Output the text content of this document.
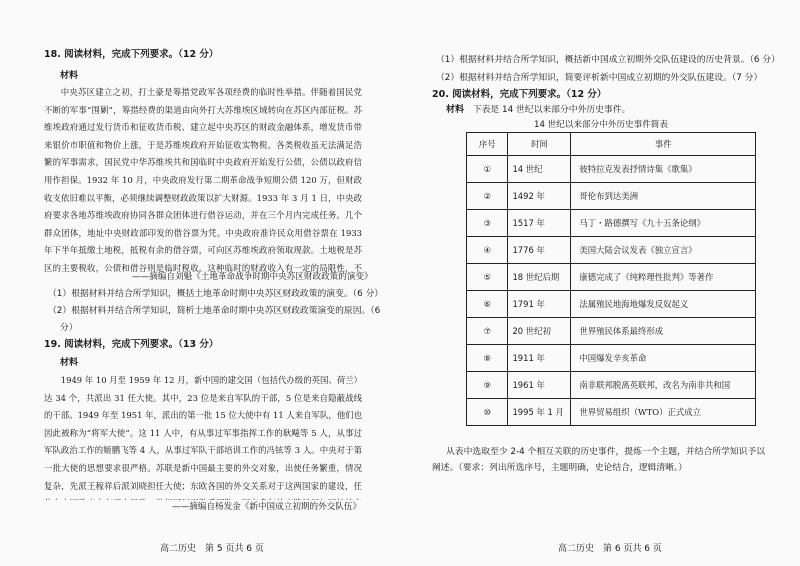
18. 阅读材料，完成下列要求。（12 分）
材料
中央苏区建立之初，打土豪是筹措党政军各项经费的临时性举措。伴随着国民党不断的军事“围剿”，筹措经费的渠道由向外打大苏维埃区域转向在苏区内部征税。苏维埃政府通过发行货币和征收货币税、建立起中央苏区的财政金融体系，增发货币带来银价市职值和物价上涨，于是苏维埃政府开始征收实物税。各类税收虽无法满足浩繁的军事需求，国民党中华苏维埃共和国临时中央政府开始发行公债，公债以政府信用作担保。1932 年 10 月，中央政府发行第二期革命战争短期公债 120 万，但财政收支依旧难以平衡，必须继续调整财政政策以扩大财源。1933 年 3 月 1 日，中央政府要求各地苏维埃政府协同各群众团体进行借谷运动，并在三个月内完成任务。几个群众团体，地址中央财政部印发的借谷票为凭。中央政府准许民众用借谷票在 1933 年下半年抵缴土地税，抵税有余的借谷票，可向区苏维埃政府领取现款。土地税是苏区的主要税收，公债和借谷则是临时税收。这种临时的财政收入有一定的局限性，不
——摘编自刘魁《土地革命战争时期中央苏区财政政策的演变》
（1）根据材料并结合所学知识，概括土地革命时期中央苏区财政政策的演变。（6 分）
（2）根据材料并结合所学知识，简析土地革命时期中央苏区财政政策演变的原因。（6
分）
19. 阅读材料，完成下列要求。（13 分）
材料
1949 年 10 月至 1959 年 12 月，新中国的建交国（包括代办级的英国、荷兰）达 34 个，共派出 31 任大使。其中，23 位是来自军队的干部，5 位是来自隐蔽战线的干部。1949 年至 1951 年，派出的第一批 15 位大使中有 11 人来自军队，他们也因此被称为“将军大使”。这 11 人中，有从事过军事指挥工作的耿飚等 5 人，从事过军队政治工作的姬鹏飞等 4 人，从事过军队干部培训工作的冯铉等 3 人。中央对于第一批大使的思想要求很严格。苏联是新中国最主要的外交对象，出使任务繁重，情况复杂，先派王稼祥后派刘晓担任大使；东欧各国的外交关系对于这两国家的建设，任
——摘编自杨发金《新中国成立初期的外交队伍》
高二历史　第 5 页共 6 页
（1）根据材料并结合所学知识，概括新中国成立初期外交队伍建设的历史背景。（6 分）
（2）根据材料并结合所学知识，简要评析新中国成立初期的外交队伍建设。（7 分）
20. 阅读材料，完成下列要求。（12 分）
材料 下表是 14 世纪以来部分中外历史事件。
14 世纪以来部分中外历史事件简表
序号	时间	事件
①	14 世纪	彼特拉克发表抒情诗集《歌集》
②	1492 年	哥伦布到达美洲
③	1517 年	马丁・路德撰写《九十五条论纲》
④	1776 年	美国大陆会议发表《独立宣言》
⑤	18 世纪后期	康德完成了《纯粹理性批判》等著作
⑥	1791 年	法属殖民地海地爆发反奴起义
⑦	20 世纪初	世界殖民体系最终形成
⑧	1911 年	中国爆发辛亥革命
⑨	1961 年	南非联邦脱离英联邦，改名为南非共和国
⑩	1995 年 1 月	世界贸易组织（WTO）正式成立
从表中选取至少 2-4 个相互关联的历史事件，提炼一个主题，并结合所学知识予以
阐述。（要求：列出所选序号，主题明确，史论结合，逻辑清晰。）
高二历史　第 6 页共 6 页
